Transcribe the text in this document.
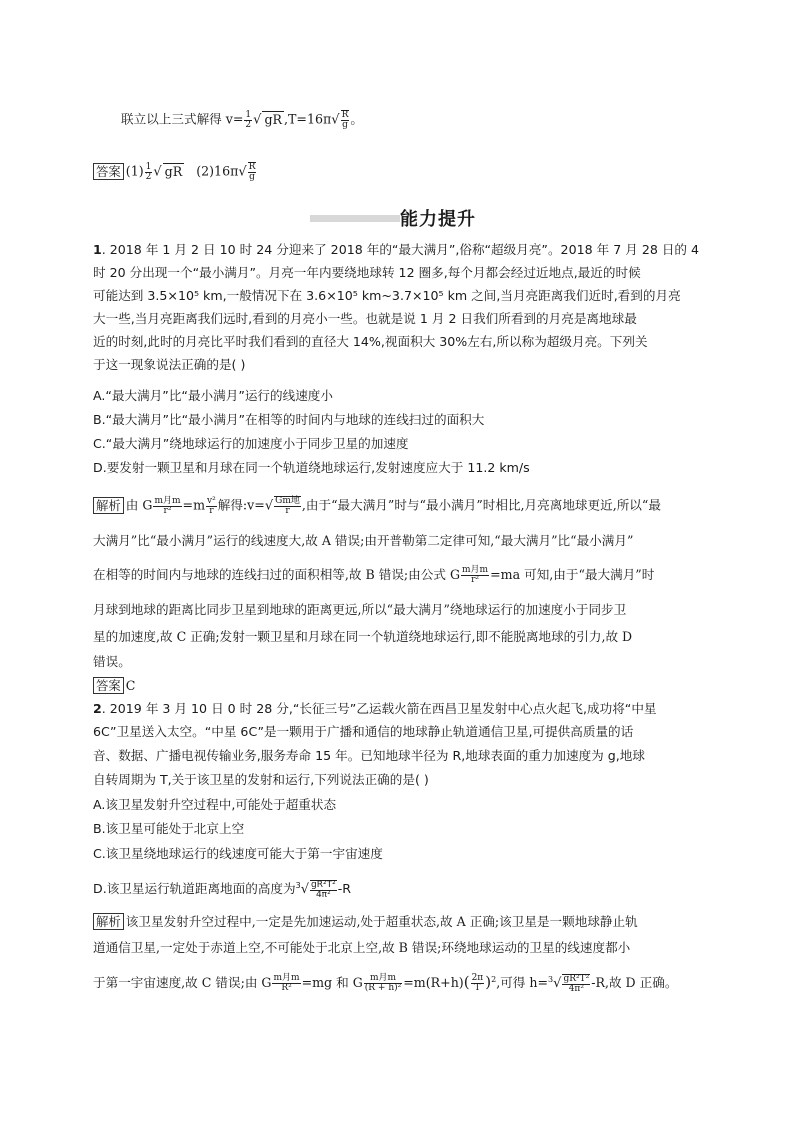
联立以上三式解得 $v= \frac{1}{2}$ √ gR $,T=16\pi√ \frac{R}{g}$ 。
答案 $(1) \frac{1}{2}$ √ gR $(2)16\pi√ \frac{R}{g}$
能力提升
1. 2018 年 1 月 2 日 10 时 24 分迎来了 2018 年的“最大满月”,俗称“超级月亮”。2018 年 7 月 28 日的 4
时 20 分出现一个“最小满月”。月亮一年内要绕地球转 12 圈多,每个月都会经过近地点,最近的时候
可能达到 3.5×10⁵ km,一般情况下在 3.6×10⁵ km~3.7×10⁵ km 之间,当月亮距离我们近时,看到的月亮
大一些,当月亮距离我们远时,看到的月亮小一些。也就是说 1 月 2 日我们所看到的月亮是离地球最
近的时刻,此时的月亮比平时我们看到的直径大 14%,视面积大 30%左右,所以称为超级月亮。下列关
于这一现象说法正确的是( )
A.“最大满月”比“最小满月”运行的线速度小
B.“最大满月”比“最小满月”在相等的时间内与地球的连线扫过的面积大
C.“最大满月”绕地球运行的加速度小于同步卫星的加速度
D.要发射一颗卫星和月球在同一个轨道绕地球运行,发射速度应大于 11.2 km/s
解析 由 G $\frac{\text{m月m}}{\text{r²}} =m \frac{\text{v²}}{r}$ 解得:v=√ $\frac{\text{Gm地}}{r}$ ,由于“最大满月”时与“最小满月”时相比,月亮离地球更近,所以“最
大满月”比“最小满月”运行的线速度大,故 A 错误;由开普勒第二定律可知,“最大满月”比“最小满月”
在相等的时间内与地球的连线扫过的面积相等,故 B 错误;由公式 G $\frac{\text{m月m}}{\text{r²}} =ma$ 可知,由于“最大满月”时
月球到地球的距离比同步卫星到地球的距离更远,所以“最大满月”绕地球运行的加速度小于同步卫
星的加速度,故 C 正确;发射一颗卫星和月球在同一个轨道绕地球运行,即不能脱离地球的引力,故 D
错误。
答案 C
2. 2019 年 3 月 10 日 0 时 28 分,“长征三号”乙运载火箭在西昌卫星发射中心点火起飞,成功将“中星
6C”卫星送入太空。“中星 6C”是一颗用于广播和通信的地球静止轨道通信卫星,可提供高质量的话
音、数据、广播电视传输业务,服务寿命 15 年。已知地球半径为 R,地球表面的重力加速度为 g,地球
自转周期为 T,关于该卫星的发射和运行,下列说法正确的是( )
A.该卫星发射升空过程中,可能处于超重状态
B.该卫星可能处于北京上空
C.该卫星绕地球运行的线速度可能大于第一宇宙速度
D.该卫星运行轨道距离地面的高度为$^3√ \frac{\text{gR²T²}}{\text{4π²}} -R$
解析 该卫星发射升空过程中,一定是先加速运动,处于超重状态,故 A 正确;该卫星是一颗地球静止轨
道通信卫星,一定处于赤道上空,不可能处于北京上空,故 B 错误;环绕地球运动的卫星的线速度都小
于第一宇宙速度,故 C 错误;由 G $\frac{\text{m月m}}{\text{R²}} =mg$ 和 G $\frac{\text{m月m}}{\text{(R + h)²}} =m(R+h)( \frac{2\pi}{T} )^2$,可得 $h=^3√ \frac{\text{gR²T²}}{\text{4π²}} -R$,故 D 正确。
